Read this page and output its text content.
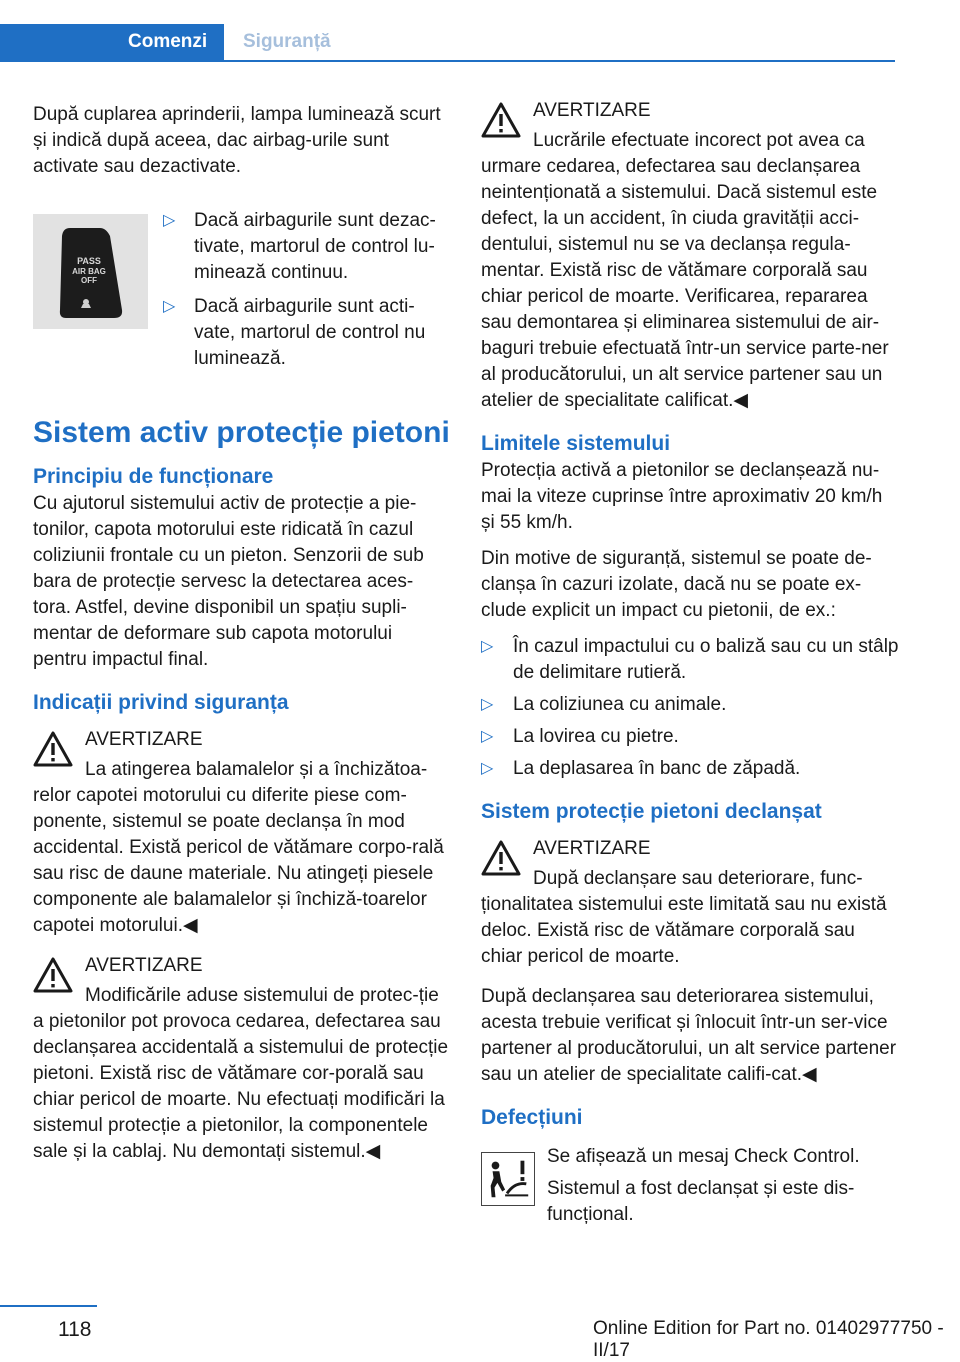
Comenzi	Siguranță

După cuplarea aprinderii, lampa luminează scurt și indică după aceea, dac airbag-urile sunt activate sau dezactivate.

PASS
AIR BAG
OFF
▷ Dacă airbagurile sunt dezac-tivate, martorul de control lu-minează continuu.
▷ Dacă airbagurile sunt acti-vate, martorul de control nu luminează.
Sistem activ protecție pietoni
Principiu de funcționare

Cu ajutorul sistemului activ de protecție a pie-tonilor, capota motorului este ridicată în cazul coliziunii frontale cu un pieton. Senzorii de sub bara de protecție servesc la detectarea aces-tora. Astfel, devine disponibil un spațiu supli-mentar de deformare sub capota motorului pentru impactul final.

Indicații privind siguranța
AVERTIZARE

La atingerea balamalelor și a închizătoa-relor capotei motorului cu diferite piese com-ponente, sistemul se poate declanșa în mod accidental. Există pericol de vătămare corpo-rală sau risc de daune materiale. Nu atingeți piesele componente ale balamalelor și închiză-toarelor capotei motorului.◀

AVERTIZARE

Modificările aduse sistemului de protec-ție a pietonilor pot provoca cedarea, defectarea sau declanșarea accidentală a sistemului de protecție pietoni. Există risc de vătămare cor-porală sau chiar pericol de moarte. Nu efectuați modificări la sistemul protecție a pietonilor, la componentele sale și la cablaj. Nu demontați sistemul.◀

AVERTIZARE

Lucrările efectuate incorect pot avea ca urmare cedarea, defectarea sau declanșarea neintenționată a sistemului. Dacă sistemul este defect, la un accident, în ciuda gravității acci-dentului, sistemul nu se va declanșa regula-mentar. Există risc de vătămare corporală sau chiar pericol de moarte. Verificarea, repararea sau demontarea și eliminarea sistemului de air-baguri trebuie efectuată într-un service parte-ner al producătorului, un alt service partener sau un atelier de specialitate calificat.◀

Limitele sistemului

Protecția activă a pietonilor se declanșează nu-mai la viteze cuprinse între aproximativ 20 km/h și 55 km/h.

Din motive de siguranță, sistemul se poate de-clanșa în cazuri izolate, dacă nu se poate ex-clude explicit un impact cu pietonii, de ex.:

▷ În cazul impactului cu o baliză sau cu un stâlp de delimitare rutieră.
▷ La coliziunea cu animale.
▷ La lovirea cu pietre.
▷ La deplasarea în banc de zăpadă.
Sistem protecție pietoni declanșat
AVERTIZARE

După declanșare sau deteriorare, func-ționalitatea sistemului este limitată sau nu există deloc. Există risc de vătămare corporală sau chiar pericol de moarte.

După declanșarea sau deteriorarea sistemului, acesta trebuie verificat și înlocuit într-un ser-vice partener al producătorului, un alt service partener sau un atelier de specialitate califi-cat.◀

Defecțiuni

Se afișează un mesaj Check Control.

Sistemul a fost declanșat și este dis-funcțional.

118	Online Edition for Part no. 01402977750 - II/17
